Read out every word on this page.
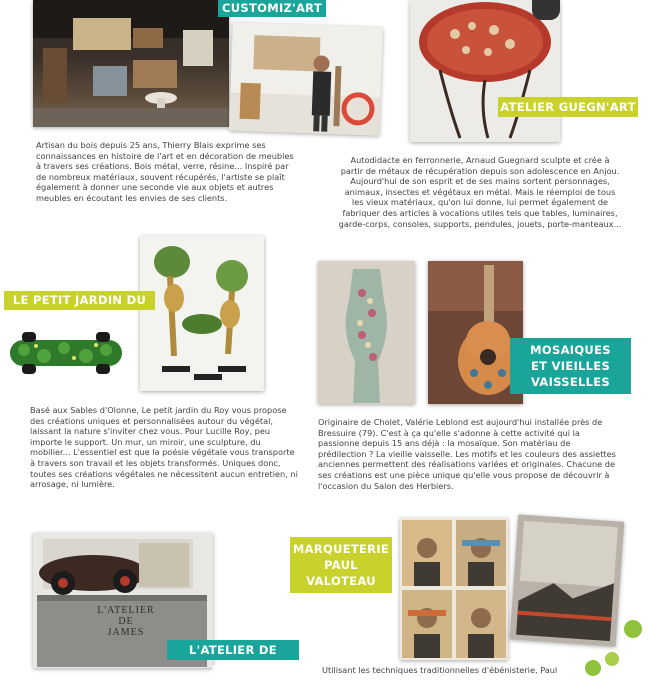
CUSTOMIZ'ART

Artisan du bois depuis 25 ans, Thierry Blais exprime ses connaissances en histoire de l'art et en décoration de meubles à travers ses créations. Bois métal, verre, résine... Inspiré par de nombreux matériaux, souvent récupérés, l'artiste se plaît également à donner une seconde vie aux objets et autres meubles en écoutant les envies de ses clients.

ATELIER GUEGN'ART

Autodidacte en ferronnerie, Arnaud Guegnard sculpte et crée à partir de métaux de récupération depuis son adolescence en Anjou. Aujourd'hui de son esprit et de ses mains sortent personnages, animaux, insectes et végétaux en métal. Mais le réemploi de tous les vieux matériaux, qu'on lui donne, lui permet également de fabriquer des articles à vocations utiles tels que tables, luminaires, garde-corps, consoles, supports, pendules, jouets, porte-manteaux...

LE PETIT JARDIN DU ROY

Basé aux Sables d'Olonne, Le petit jardin du Roy vous propose des créations uniques et personnalisées autour du végétal, laissant la nature s'inviter chez vous. Pour Lucille Roy, peu importe le support. Un mur, un miroir, une sculpture, du mobilier... L'essentiel est que la poésie végétale vous transporte à travers son travail et les objets transformés. Uniques donc, toutes ses créations végétales ne nécessitent aucun entretien, ni arrosage, ni lumière.

MOSAIQUES
ET VIEILLES
VAISSELLES

Originaire de Cholet, Valérie Leblond est aujourd'hui installée près de Bressuire (79). C'est à ça qu'elle s'adonne à cette activité qui la passionne depuis 15 ans déjà : la mosaïque. Son matériau de prédilection ? La vieille vaisselle. Les motifs et les couleurs des assiettes anciennes permettent des réalisations variées et originales. Chacune de ses créations est une pièce unique qu'elle vous propose de découvrir à l'occasion du Salon des Herbiers.

L'ATELIER
DE
JAMES
L'ATELIER DE JAMES
MARQUETERIE
PAUL
VALOTEAU

Utilisant les techniques traditionnelles d'ébénisterie, Paul
